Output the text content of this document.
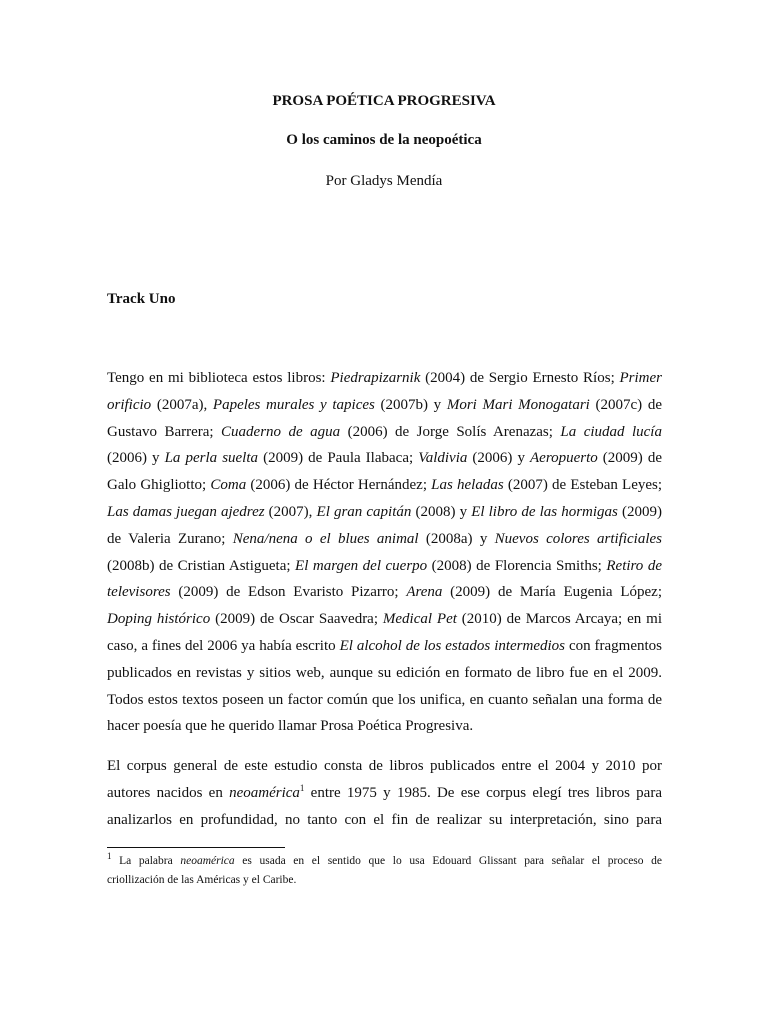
PROSA POÉTICA PROGRESIVA
O los caminos de la neopoética
Por Gladys Mendía
Track Uno
Tengo en mi biblioteca estos libros: Piedrapizarnik (2004) de Sergio Ernesto Ríos; Primer
orificio (2007a), Papeles murales y tapices (2007b) y Mori Mari Monogatari (2007c) de
Gustavo Barrera; Cuaderno de agua (2006) de Jorge Solís Arenazas; La ciudad lucía
(2006) y La perla suelta (2009) de Paula Ilabaca; Valdivia (2006) y Aeropuerto (2009) de
Galo Ghigliotto; Coma (2006) de Héctor Hernández; Las heladas (2007) de Esteban Leyes;
Las damas juegan ajedrez (2007), El gran capitán (2008) y El libro de las hormigas (2009)
de Valeria Zurano; Nena/nena o el blues animal (2008a) y Nuevos colores artificiales
(2008b) de Cristian Astigueta; El margen del cuerpo (2008) de Florencia Smiths; Retiro de
televisores (2009) de Edson Evaristo Pizarro; Arena (2009) de María Eugenia López;
Doping histórico (2009) de Oscar Saavedra; Medical Pet (2010) de Marcos Arcaya; en mi
caso, a fines del 2006 ya había escrito El alcohol de los estados intermedios con fragmentos
publicados en revistas y sitios web, aunque su edición en formato de libro fue en el 2009.
Todos estos textos poseen un factor común que los unifica, en cuanto señalan una forma de
hacer poesía que he querido llamar Prosa Poética Progresiva.
El corpus general de este estudio consta de libros publicados entre el 2004 y 2010 por
autores nacidos en neoamérica$^1$ entre 1975 y 1985. De ese corpus elegí tres libros para
analizarlos en profundidad, no tanto con el fin de realizar su interpretación, sino para
$^1$ La palabra neoamérica es usada en el sentido que lo usa Edouard Glissant para señalar el proceso de
criollización de las Américas y el Caribe.
